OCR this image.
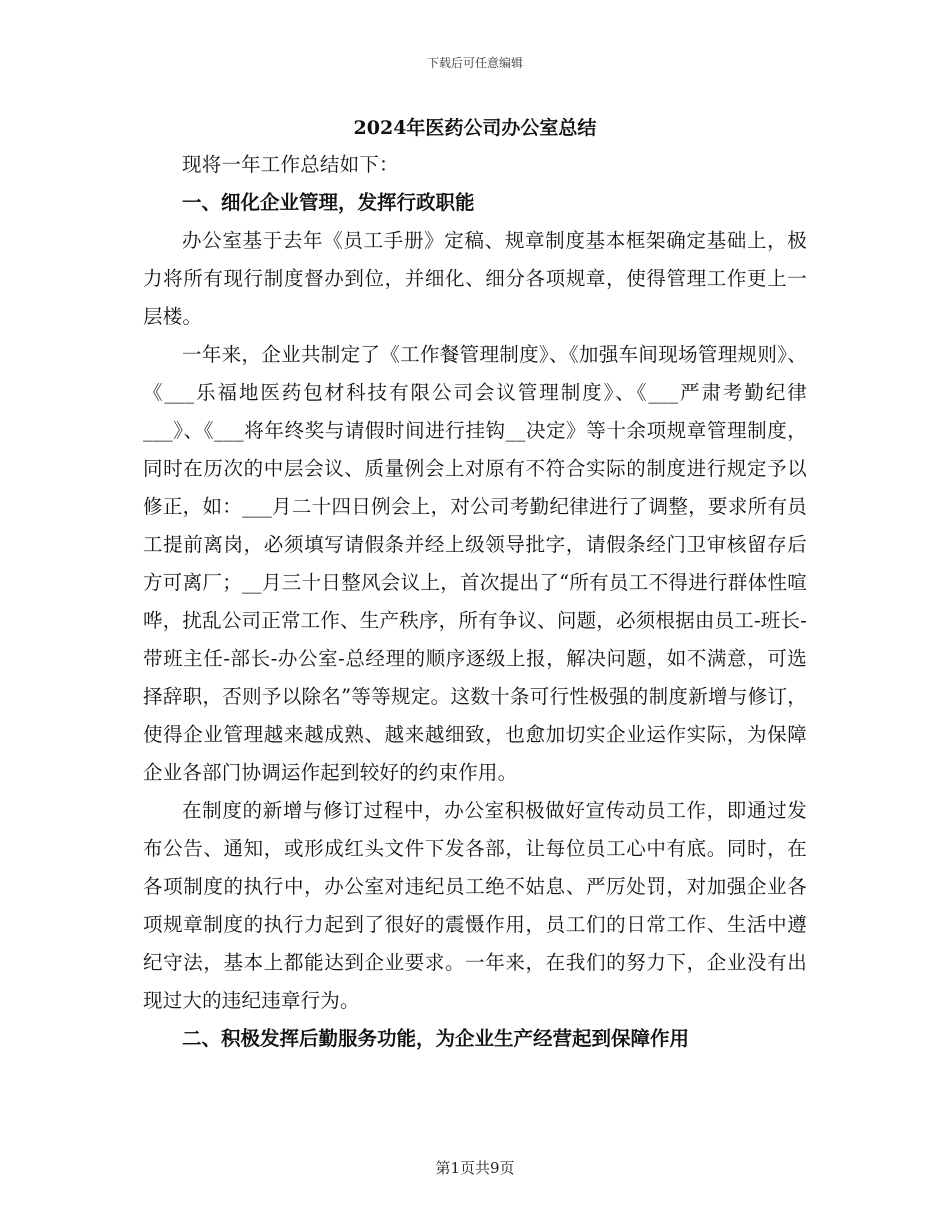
下载后可任意编辑
2024年医药公司办公室总结

现将一年工作总结如下：

一、细化企业管理，发挥行政职能

办公室基于去年《员工手册》定稿、规章制度基本框架确定基础上，极力将所有现行制度督办到位，并细化、细分各项规章，使得管理工作更上一层楼。

一年来，企业共制定了《工作餐管理制度》、《加强车间现场管理规则》、《___乐福地医药包材科技有限公司会议管理制度》、《___严肃考勤纪律___》、《___将年终奖与请假时间进行挂钩__决定》等十余项规章管理制度，同时在历次的中层会议、质量例会上对原有不符合实际的制度进行规定予以修正，如：___月二十四日例会上，对公司考勤纪律进行了调整，要求所有员工提前离岗，必须填写请假条并经上级领导批字，请假条经门卫审核留存后方可离厂；__月三十日整风会议上，首次提出了“所有员工不得进行群体性喧哗，扰乱公司正常工作、生产秩序，所有争议、问题，必须根据由员工-班长-带班主任-部长-办公室-总经理的顺序逐级上报，解决问题，如不满意，可选择辞职，否则予以除名”等等规定。这数十条可行性极强的制度新增与修订，使得企业管理越来越成熟、越来越细致，也愈加切实企业运作实际，为保障企业各部门协调运作起到较好的约束作用。

在制度的新增与修订过程中，办公室积极做好宣传动员工作，即通过发布公告、通知，或形成红头文件下发各部，让每位员工心中有底。同时，在各项制度的执行中，办公室对违纪员工绝不姑息、严厉处罚，对加强企业各项规章制度的执行力起到了很好的震慑作用，员工们的日常工作、生活中遵纪守法，基本上都能达到企业要求。一年来，在我们的努力下，企业没有出现过大的违纪违章行为。

二、积极发挥后勤服务功能，为企业生产经营起到保障作用

第1页共9页
